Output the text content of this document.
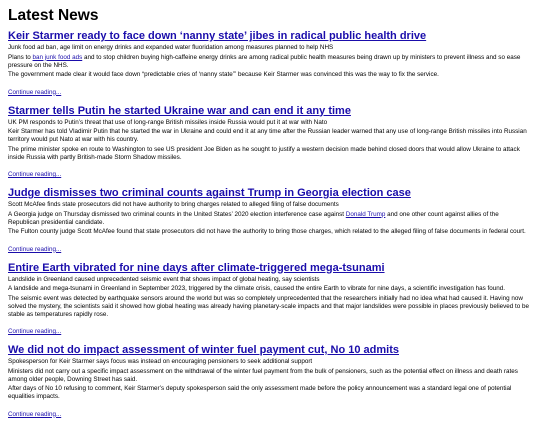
Latest News
Keir Starmer ready to face down ‘nanny state’ jibes in radical public health drive
Junk food ad ban, age limit on energy drinks and expanded water fluoridation among measures planned to help NHS
Plans to ban junk food ads and to stop children buying high-caffeine energy drinks are among radical public health measures being drawn up by ministers to prevent illness and so ease pressure on the NHS.
The government made clear it would face down “predictable cries of ‘nanny state’” because Keir Starmer was convinced this was the way to fix the service.
Continue reading...
Starmer tells Putin he started Ukraine war and can end it any time
UK PM responds to Putin’s threat that use of long-range British missiles inside Russia would put it at war with Nato
Keir Starmer has told Vladimir Putin that he started the war in Ukraine and could end it at any time after the Russian leader warned that any use of long-range British missiles into Russian territory would put Nato at war with his country.
The prime minister spoke en route to Washington to see US president Joe Biden as he sought to justify a western decision made behind closed doors that would allow Ukraine to attack inside Russia with partly British-made Storm Shadow missiles.
Continue reading...
Judge dismisses two criminal counts against Trump in Georgia election case
Scott McAfee finds state prosecutors did not have authority to bring charges related to alleged filing of false documents
A Georgia judge on Thursday dismissed two criminal counts in the United States’ 2020 election interference case against Donald Trump and one other count against allies of the Republican presidential candidate.
The Fulton county judge Scott McAfee found that state prosecutors did not have the authority to bring those charges, which related to the alleged filing of false documents in federal court.
Continue reading...
Entire Earth vibrated for nine days after climate-triggered mega-tsunami
Landslide in Greenland caused unprecedented seismic event that shows impact of global heating, say scientists
A landslide and mega-tsunami in Greenland in September 2023, triggered by the climate crisis, caused the entire Earth to vibrate for nine days, a scientific investigation has found.
The seismic event was detected by earthquake sensors around the world but was so completely unprecedented that the researchers initially had no idea what had caused it. Having now solved the mystery, the scientists said it showed how global heating was already having planetary-scale impacts and that major landslides were possible in places previously believed to be stable as temperatures rapidly rose.
Continue reading...
We did not do impact assessment of winter fuel payment cut, No 10 admits
Spokesperson for Keir Starmer says focus was instead on encouraging pensioners to seek additional support
Ministers did not carry out a specific impact assessment on the withdrawal of the winter fuel payment from the bulk of pensioners, such as the potential effect on illness and death rates among older people, Downing Street has said.
After days of No 10 refusing to comment, Keir Starmer’s deputy spokesperson said the only assessment made before the policy announcement was a standard legal one of potential equalities impacts.
Continue reading...
